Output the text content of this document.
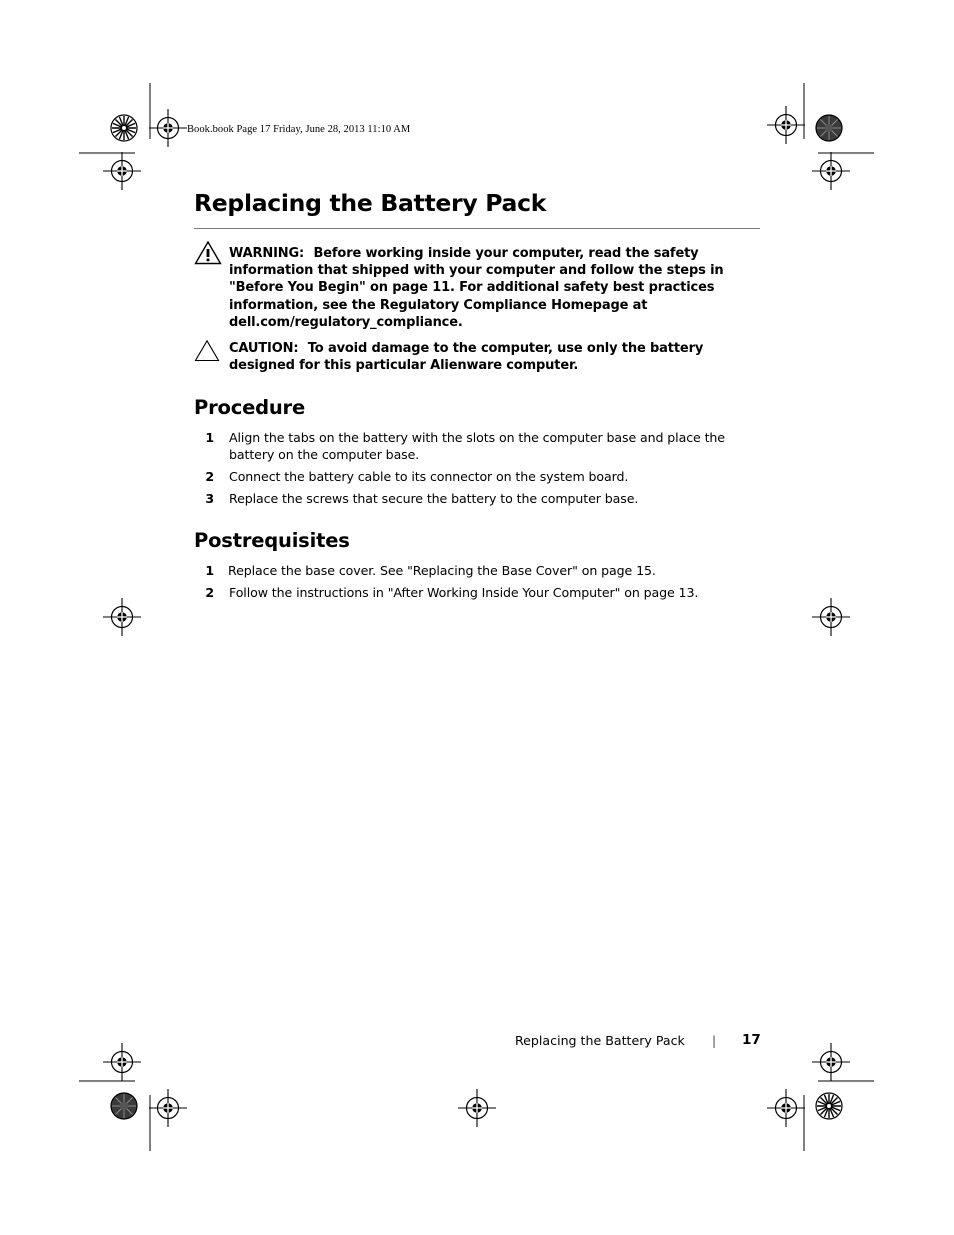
Book.book Page 17 Friday, June 28, 2013 11:10 AM
Replacing the Battery Pack
WARNING: Before working inside your computer, read the safety information that shipped with your computer and follow the steps in "Before You Begin" on page 11. For additional safety best practices information, see the Regulatory Compliance Homepage at dell.com/regulatory_compliance.
CAUTION: To avoid damage to the computer, use only the battery designed for this particular Alienware computer.
Procedure
1 Align the tabs on the battery with the slots on the computer base and place the battery on the computer base.
2 Connect the battery cable to its connector on the system board.
3 Replace the screws that secure the battery to the computer base.
Postrequisites
1 Replace the base cover. See "Replacing the Base Cover" on page 15.
2 Follow the instructions in "After Working Inside Your Computer" on page 13.
Replacing the Battery Pack | 17
